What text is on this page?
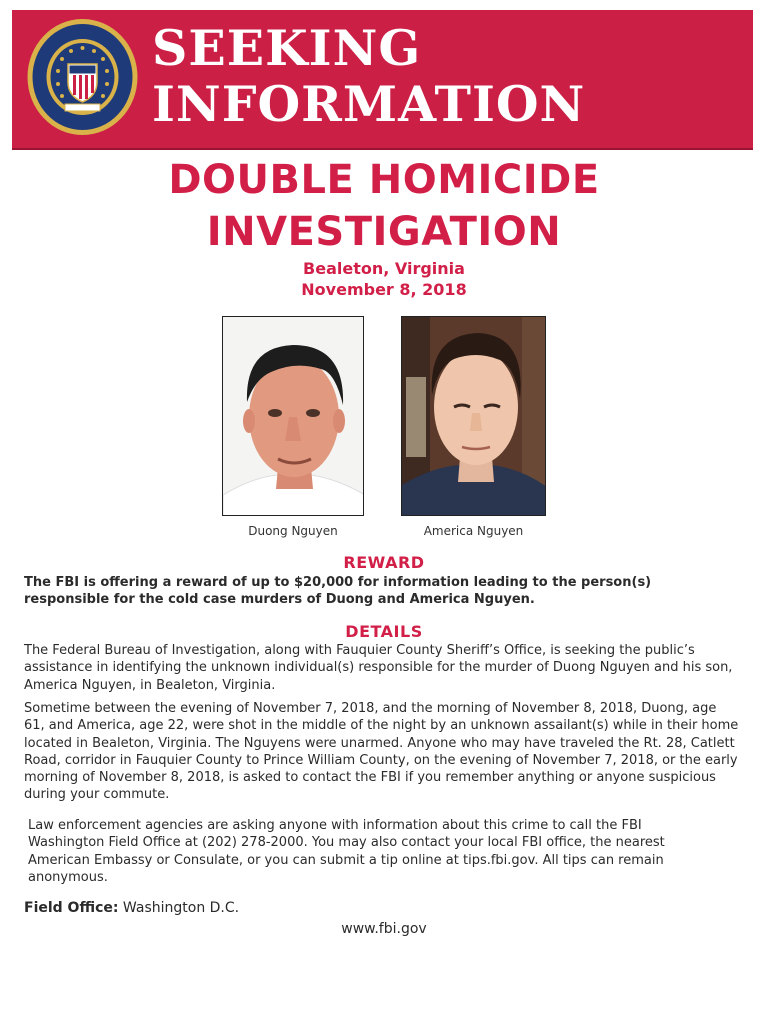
SEEKING
INFORMATION
DOUBLE HOMICIDE
INVESTIGATION
Bealeton, Virginia
November 8, 2018
Duong Nguyen	America Nguyen
REWARD
The FBI is offering a reward of up to $20,000 for information leading to the person(s) responsible for the cold case murders of Duong and America Nguyen.
DETAILS
The Federal Bureau of Investigation, along with Fauquier County Sheriff’s Office, is seeking the public’s assistance in identifying the unknown individual(s) responsible for the murder of Duong Nguyen and his son, America Nguyen, in Bealeton, Virginia.
Sometime between the evening of November 7, 2018, and the morning of November 8, 2018, Duong, age 61, and America, age 22, were shot in the middle of the night by an unknown assailant(s) while in their home located in Bealeton, Virginia. The Nguyens were unarmed. Anyone who may have traveled the Rt. 28, Catlett Road, corridor in Fauquier County to Prince William County, on the evening of November 7, 2018, or the early morning of November 8, 2018, is asked to contact the FBI if you remember anything or anyone suspicious during your commute.
Law enforcement agencies are asking anyone with information about this crime to call the FBI Washington Field Office at (202) 278-2000. You may also contact your local FBI office, the nearest American Embassy or Consulate, or you can submit a tip online at tips.fbi.gov. All tips can remain anonymous.
Field Office: Washington D.C.
www.fbi.gov
